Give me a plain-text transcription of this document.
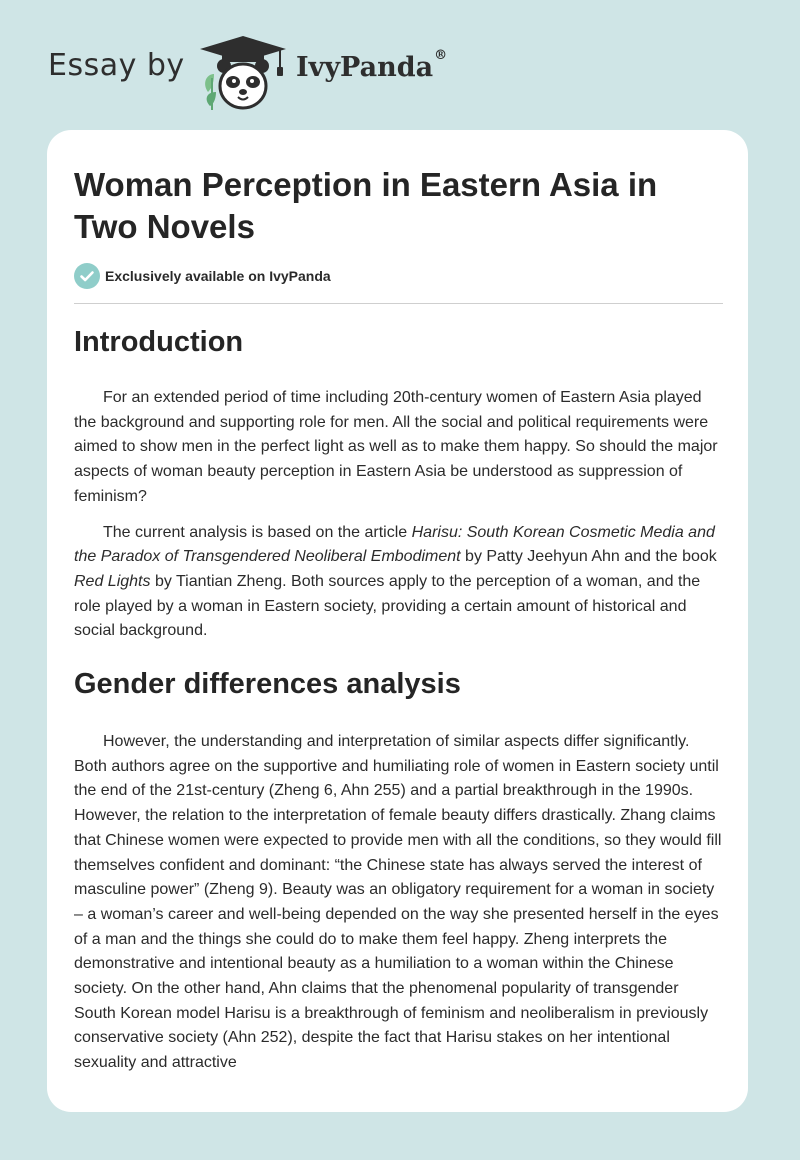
Essay by	IvyPanda®
Woman Perception in Eastern Asia in Two Novels
Exclusively available on IvyPanda
Introduction

For an extended period of time including 20th-century women of Eastern Asia played the background and supporting role for men. All the social and political requirements were aimed to show men in the perfect light as well as to make them happy. So should the major aspects of woman beauty perception in Eastern Asia be understood as suppression of feminism?

The current analysis is based on the article Harisu: South Korean Cosmetic Media and the Paradox of Transgendered Neoliberal Embodiment by Patty Jeehyun Ahn and the book Red Lights by Tiantian Zheng. Both sources apply to the perception of a woman, and the role played by a woman in Eastern society, providing a certain amount of historical and social background.

Gender differences analysis

However, the understanding and interpretation of similar aspects differ significantly. Both authors agree on the supportive and humiliating role of women in Eastern society until the end of the 21st-century (Zheng 6, Ahn 255) and a partial breakthrough in the 1990s. However, the relation to the interpretation of female beauty differs drastically. Zhang claims that Chinese women were expected to provide men with all the conditions, so they would fill themselves confident and dominant: “the Chinese state has always served the interest of masculine power” (Zheng 9). Beauty was an obligatory requirement for a woman in society – a woman’s career and well-being depended on the way she presented herself in the eyes of a man and the things she could do to make them feel happy. Zheng interprets the demonstrative and intentional beauty as a humiliation to a woman within the Chinese society. On the other hand, Ahn claims that the phenomenal popularity of transgender South Korean model Harisu is a breakthrough of feminism and neoliberalism in previously conservative society (Ahn 252), despite the fact that Harisu stakes on her intentional sexuality and attractive
